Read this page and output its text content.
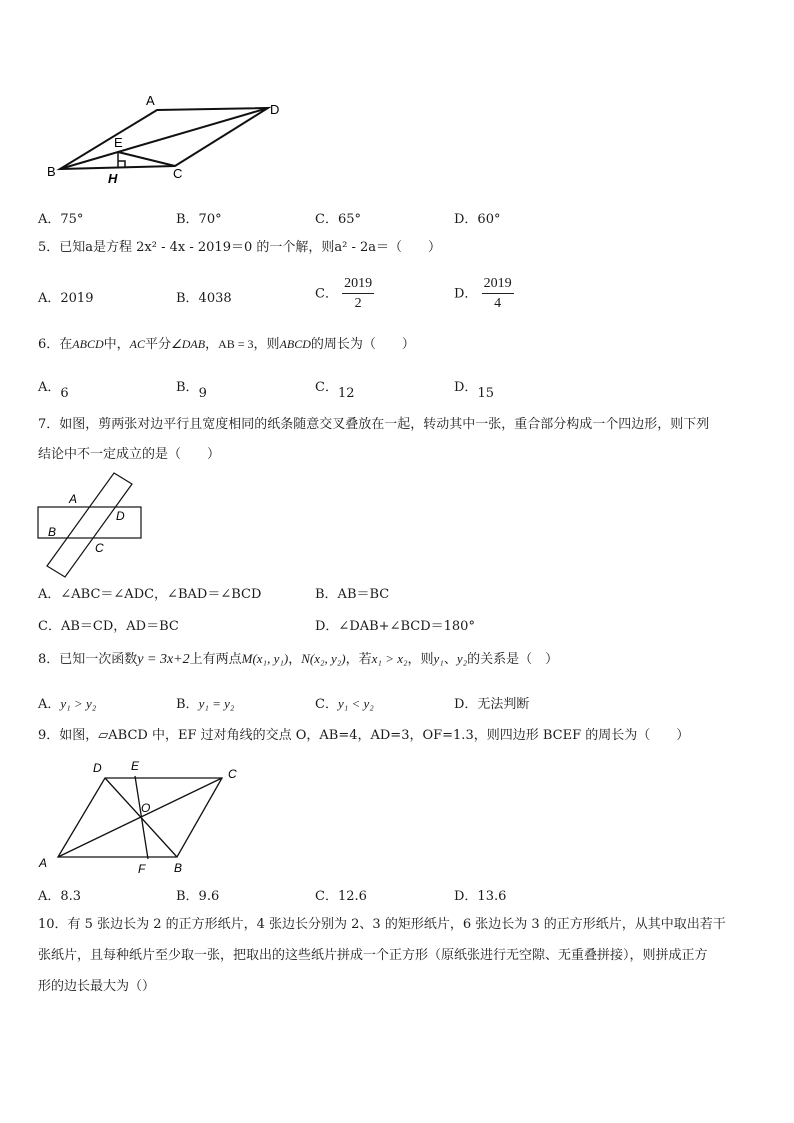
A
D
E
B	C
H
A．75°	B．70°	C．65°	D．60°
5．已知a是方程 2x² - 4x - 2019＝0 的一个解，则a² - 2a＝（　　）
A．2019	B．4038	C． $\frac{2019}{2}$	D． $\frac{2019}{4}$
6．在ABCD中，AC平分∠DAB，AB = 3，则ABCD的周长为（　　）
A．6	B．9	C．12	D．15
7．如图，剪两张对边平行且宽度相同的纸条随意交叉叠放在一起，转动其中一张，重合部分构成一个四边形，则下列
结论中不一定成立的是（　　）
A
D
B
C
A．∠ABC＝∠ADC，∠BAD＝∠BCD	B．AB＝BC
C．AB＝CD，AD＝BC	D．∠DAB+∠BCD＝180°
8．已知一次函数y = 3x+2上有两点M(x₁, y₁)，N(x₂, y₂)，若x₁ > x₂，则y₁、y₂的关系是（　）
A．y₁ > y₂	B．y₁ = y₂	C．y₁ < y₂	D．无法判断
9．如图，▱ABCD 中，EF 过对角线的交点 O，AB=4，AD=3，OF=1.3，则四边形 BCEF 的周长为（　　）
D E
C
O
A	F B
A．8.3	B．9.6	C．12.6	D．13.6
10．有 5 张边长为 2 的正方形纸片，4 张边长分别为 2、3 的矩形纸片，6 张边长为 3 的正方形纸片，从其中取出若干
张纸片，且每种纸片至少取一张，把取出的这些纸片拼成一个正方形（原纸张进行无空隙、无重叠拼接），则拼成正方
形的边长最大为（）
